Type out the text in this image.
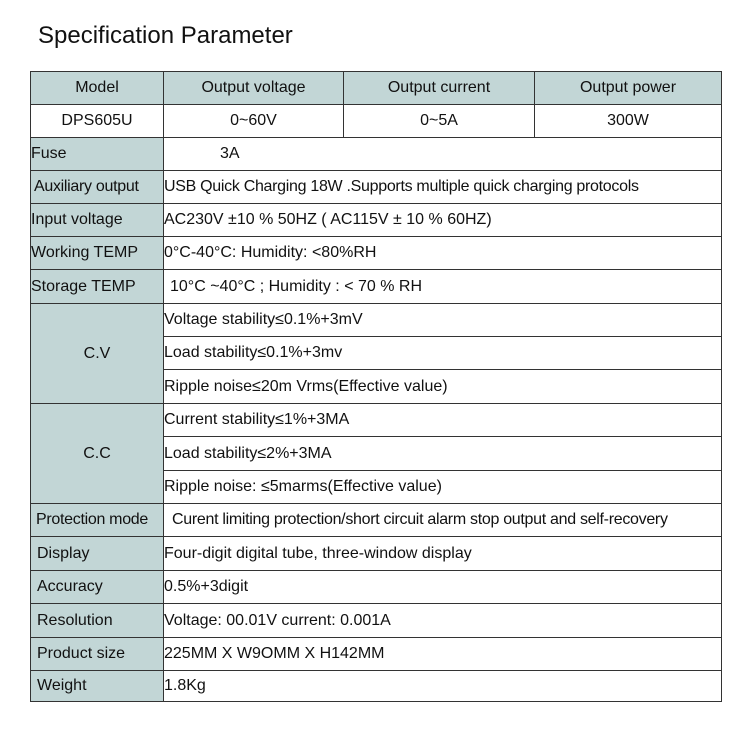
Specification Parameter
Model	Output voltage	Output current	Output power
DPS605U	0~60V	0~5A	300W
Fuse	3A		
Auxiliary output	USB Quick Charging 18W .Supports multiple quick charging protocols		
Input voltage	AC230V ±10 % 50HZ ( AC115V ± 10 % 60HZ)		
Working TEMP	0°C-40°C: Humidity: <80%RH		
Storage TEMP	10°C ~40°C ; Humidity : < 70 % RH		
C.V	Voltage stability≤0.1%+3mV		
	Load stability≤0.1%+3mv		
	Ripple noise≤20m Vrms(Effective value)		
C.C	Current stability≤1%+3MA		
	Load stability≤2%+3MA		
	Ripple noise: ≤5marms(Effective value)		
Protection mode	Curent limiting protection/short circuit alarm stop output and self-recovery		
Display	Four-digit digital tube, three-window display		
Accuracy	0.5%+3digit		
Resolution	Voltage: 00.01V current: 0.001A		
Product size	225MM X W9OMM X H142MM		
Weight	1.8Kg		
